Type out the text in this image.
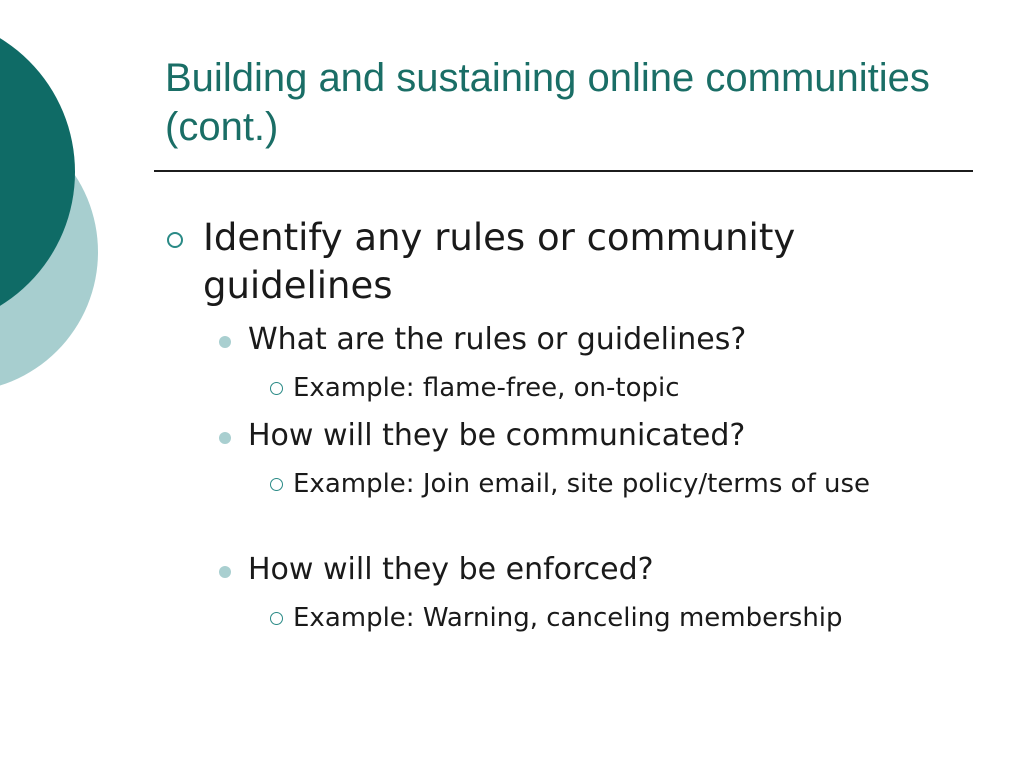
Building and sustaining online communities (cont.)
Identify any rules or community guidelines
What are the rules or guidelines?
Example: flame-free, on-topic
How will they be communicated?
Example: Join email, site policy/terms of use
How will they be enforced?
Example: Warning, canceling membership
